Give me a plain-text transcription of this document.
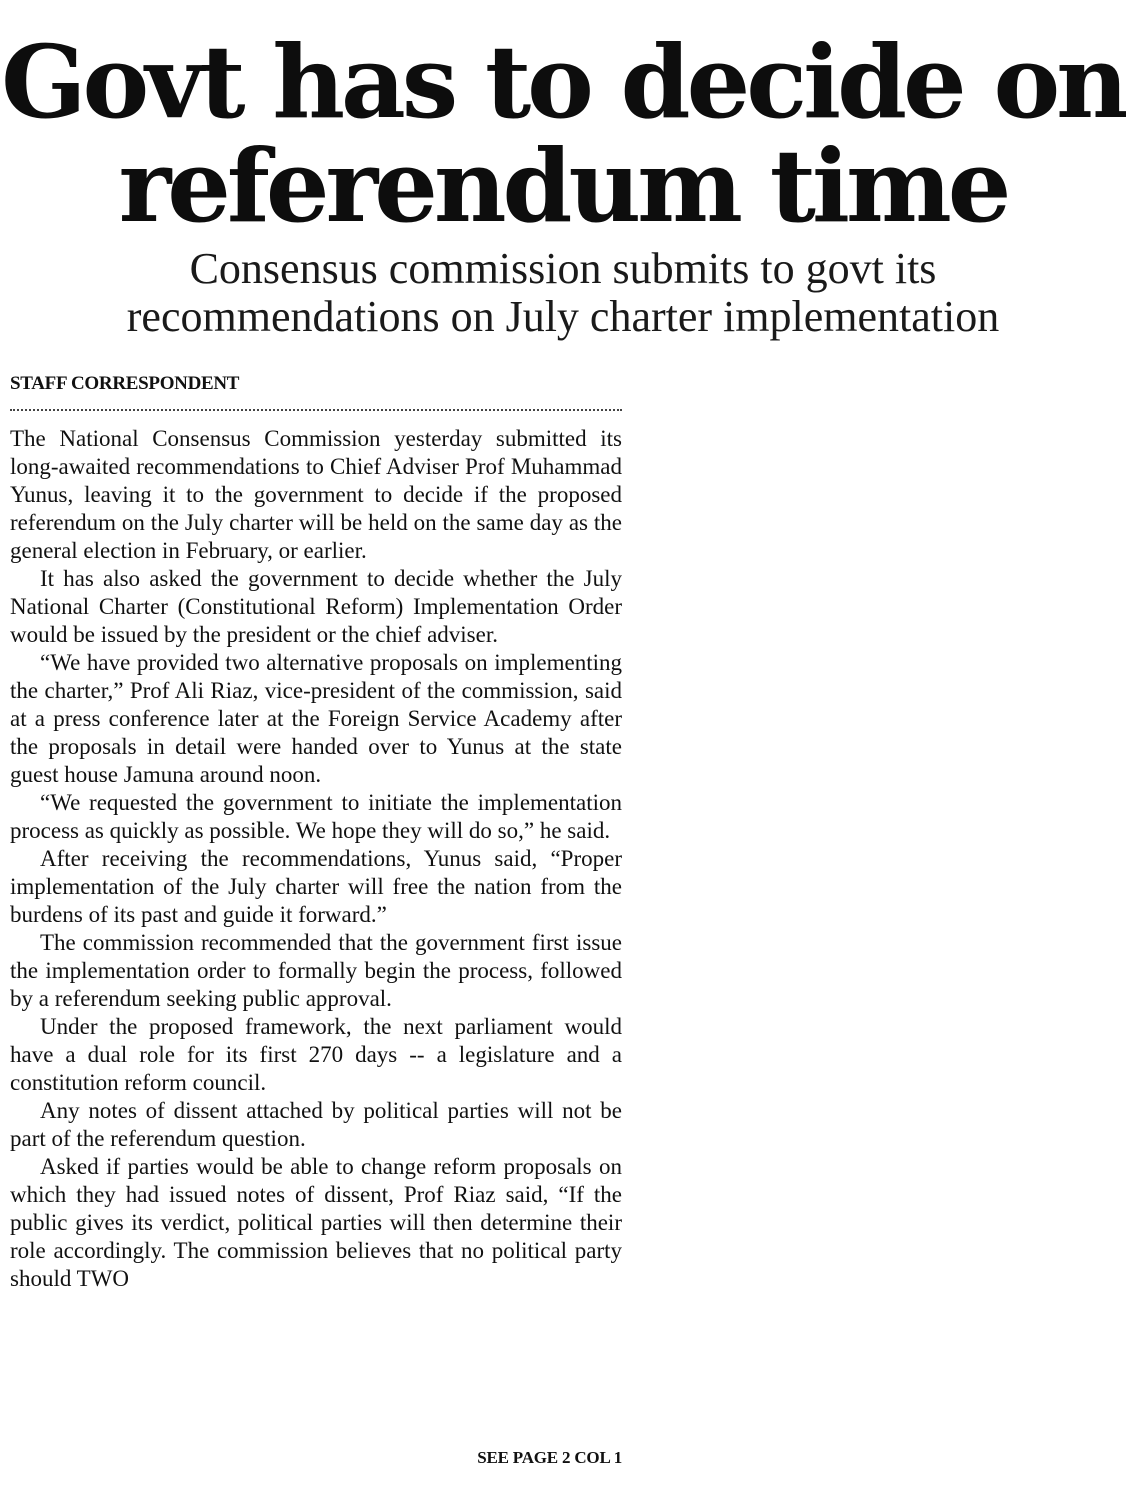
Govt has to decide on
referendum time
Consensus commission submits to govt its
recommendations on July charter implementation
STAFF CORRESPONDENT

The National Consensus Commission yesterday submitted its long-awaited recommendations to Chief Adviser Prof Muhammad Yunus, leaving it to the government to decide if the proposed referendum on the July charter will be held on the same day as the general election in February, or earlier.

It has also asked the government to decide whether the July National Charter (Constitutional Reform) Implementation Order would be issued by the president or the chief adviser.

“We have provided two alternative proposals on implementing the charter,” Prof Ali Riaz, vice-president of the commission, said at a press conference later at the Foreign Service Academy after the proposals in detail were handed over to Yunus at the state guest house Jamuna around noon.

“We requested the government to initiate the implementation process as quickly as possible. We hope they will do so,” he said.

After receiving the recommendations, Yunus said, “Proper implementation of the July charter will free the nation from the burdens of its past and guide it forward.”

The commission recommended that the government first issue the implementation order to formally begin the process, followed by a referendum seeking public approval.

Under the proposed framework, the next parliament would have a dual role for its first 270 days -- a legislature and a constitution reform council.

Any notes of dissent attached by political parties will not be part of the referendum question.

Asked if parties would be able to change reform proposals on which they had issued notes of dissent, Prof Riaz said, “If the public gives its verdict, political parties will then determine their role accordingly. The commission believes that no political party should TWO

SEE PAGE 2 COL 1
